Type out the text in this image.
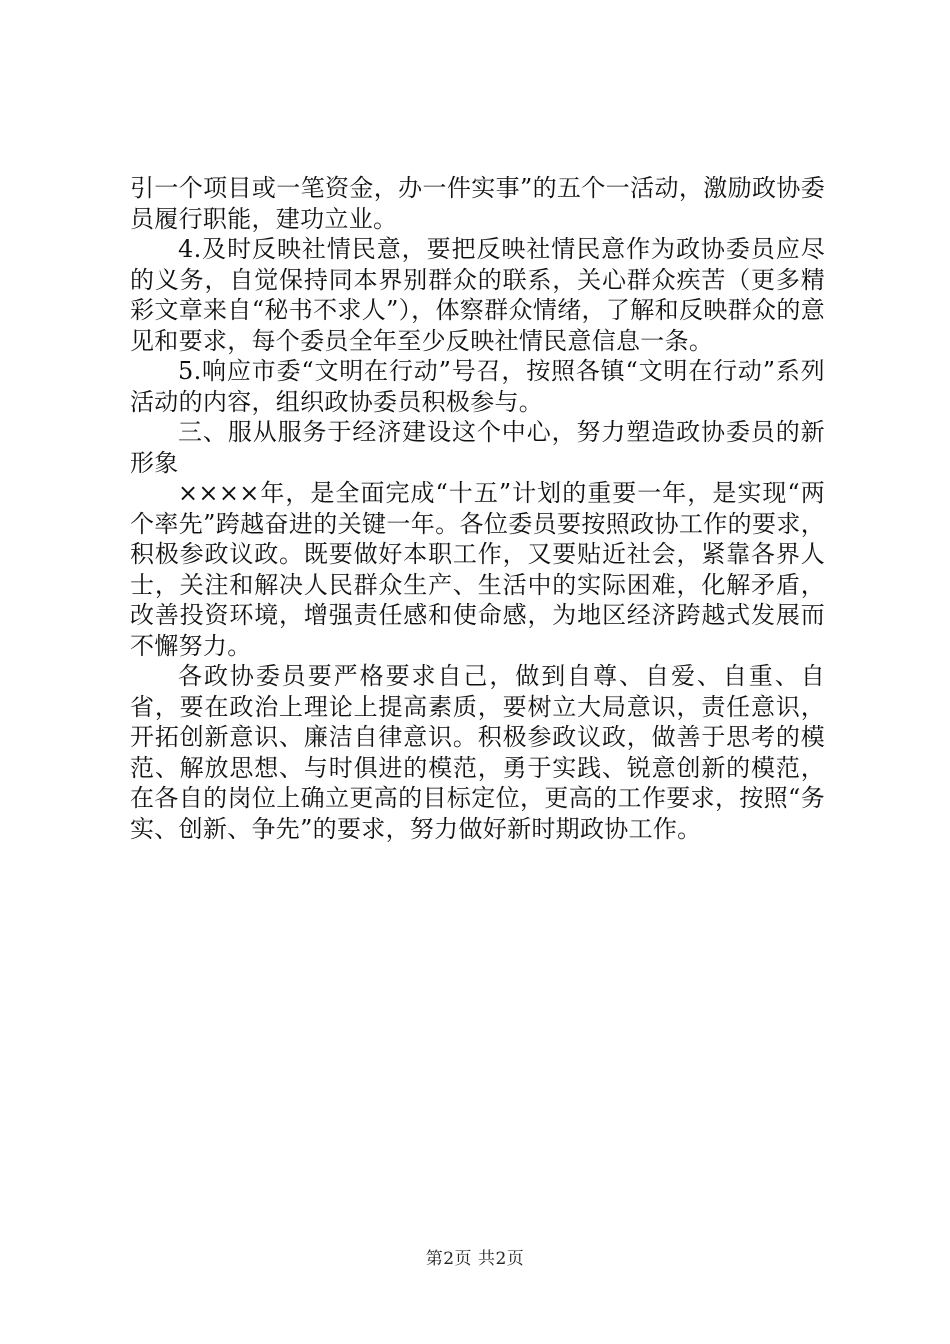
引一个项目或一笔资金，办一件实事”的五个一活动，激励政协委员履行职能，建功立业。

4.及时反映社情民意，要把反映社情民意作为政协委员应尽的义务，自觉保持同本界别群众的联系，关心群众疾苦（更多精彩文章来自“秘书不求人”），体察群众情绪，了解和反映群众的意见和要求，每个委员全年至少反映社情民意信息一条。

5.响应市委“文明在行动”号召，按照各镇“文明在行动”系列活动的内容，组织政协委员积极参与。

三、服从服务于经济建设这个中心，努力塑造政协委员的新形象

××××年，是全面完成“十五”计划的重要一年，是实现“两个率先”跨越奋进的关键一年。各位委员要按照政协工作的要求，积极参政议政。既要做好本职工作，又要贴近社会，紧靠各界人士，关注和解决人民群众生产、生活中的实际困难，化解矛盾，改善投资环境，增强责任感和使命感，为地区经济跨越式发展而不懈努力。

各政协委员要严格要求自己，做到自尊、自爱、自重、自省，要在政治上理论上提高素质，要树立大局意识，责任意识，开拓创新意识、廉洁自律意识。积极参政议政，做善于思考的模范、解放思想、与时俱进的模范，勇于实践、锐意创新的模范，在各自的岗位上确立更高的目标定位，更高的工作要求，按照“务实、创新、争先”的要求，努力做好新时期政协工作。

第2页 共2页
